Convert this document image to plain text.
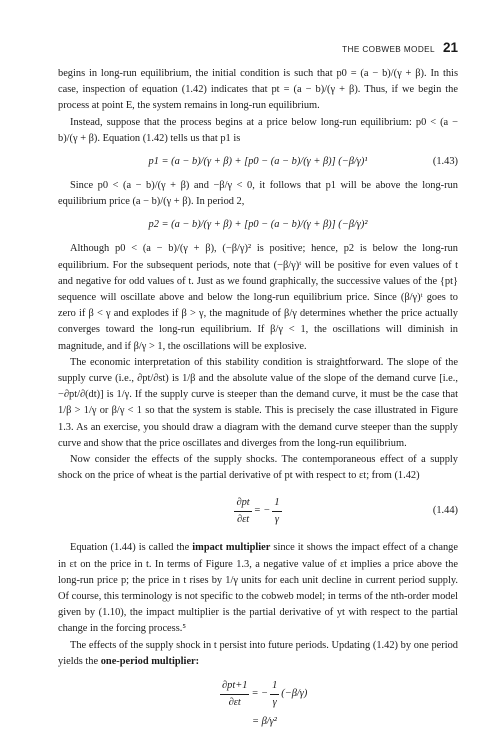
THE COBWEB MODEL 21

begins in long-run equilibrium, the initial condition is such that p0 = (a − b)/(γ + β). In this case, inspection of equation (1.42) indicates that pt = (a − b)/(γ + β). Thus, if we begin the process at point E, the system remains in long-run equilibrium.

Instead, suppose that the process begins at a price below long-run equilibrium: p0 < (a − b)/(γ + β). Equation (1.42) tells us that p1 is

p1 = (a − b)/(γ + β) + [p0 − (a − b)/(γ + β)] (−β/γ)¹	(1.43)

Since p0 < (a − b)/(γ + β) and −β/γ < 0, it follows that p1 will be above the long-run equilibrium price (a − b)/(γ + β). In period 2,

p2 = (a − b)/(γ + β) + [p0 − (a − b)/(γ + β)] (−β/γ)²

Although p0 < (a − b)/(γ + β), (−β/γ)² is positive; hence, p2 is below the long-run equilibrium. For the subsequent periods, note that (−β/γ)ᵗ will be positive for even values of t and negative for odd values of t. Just as we found graphically, the successive values of the {pt} sequence will oscillate above and below the long-run equilibrium price. Since (β/γ)ᵗ goes to zero if β < γ and explodes if β > γ, the magnitude of β/γ determines whether the price actually converges toward the long-run equilibrium. If β/γ < 1, the oscillations will diminish in magnitude, and if β/γ > 1, the oscillations will be explosive.

The economic interpretation of this stability condition is straightforward. The slope of the supply curve (i.e., ∂pt/∂st) is 1/β and the absolute value of the slope of the demand curve [i.e., −∂pt/∂(dt)] is 1/γ. If the supply curve is steeper than the demand curve, it must be the case that 1/β > 1/γ or β/γ < 1 so that the system is stable. This is precisely the case illustrated in Figure 1.3. As an exercise, you should draw a diagram with the demand curve steeper than the supply curve and show that the price oscillates and diverges from the long-run equilibrium.

Now consider the effects of the supply shocks. The contemporaneous effect of a supply shock on the price of wheat is the partial derivative of pt with respect to εt; from (1.42)

$\frac{\partial pt}{\partial\varepsilon t}$ = − $\frac{1}{\gamma}$	(1.44)

Equation (1.44) is called the impact multiplier since it shows the impact effect of a change in εt on the price in t. In terms of Figure 1.3, a negative value of εt implies a price above the long-run price p; the price in t rises by 1/γ units for each unit decline in current period supply. Of course, this terminology is not specific to the cobweb model; in terms of the nth-order model given by (1.10), the impact multiplier is the partial derivative of yt with respect to the partial change in the forcing process.⁵

The effects of the supply shock in t persist into future periods. Updating (1.42) by one period yields the one-period multiplier:

$\frac{\partial pt+1}{\partial\varepsilon t}$ = − $\frac{1}{\gamma} (-\beta/\gamma)$
= β/γ²
